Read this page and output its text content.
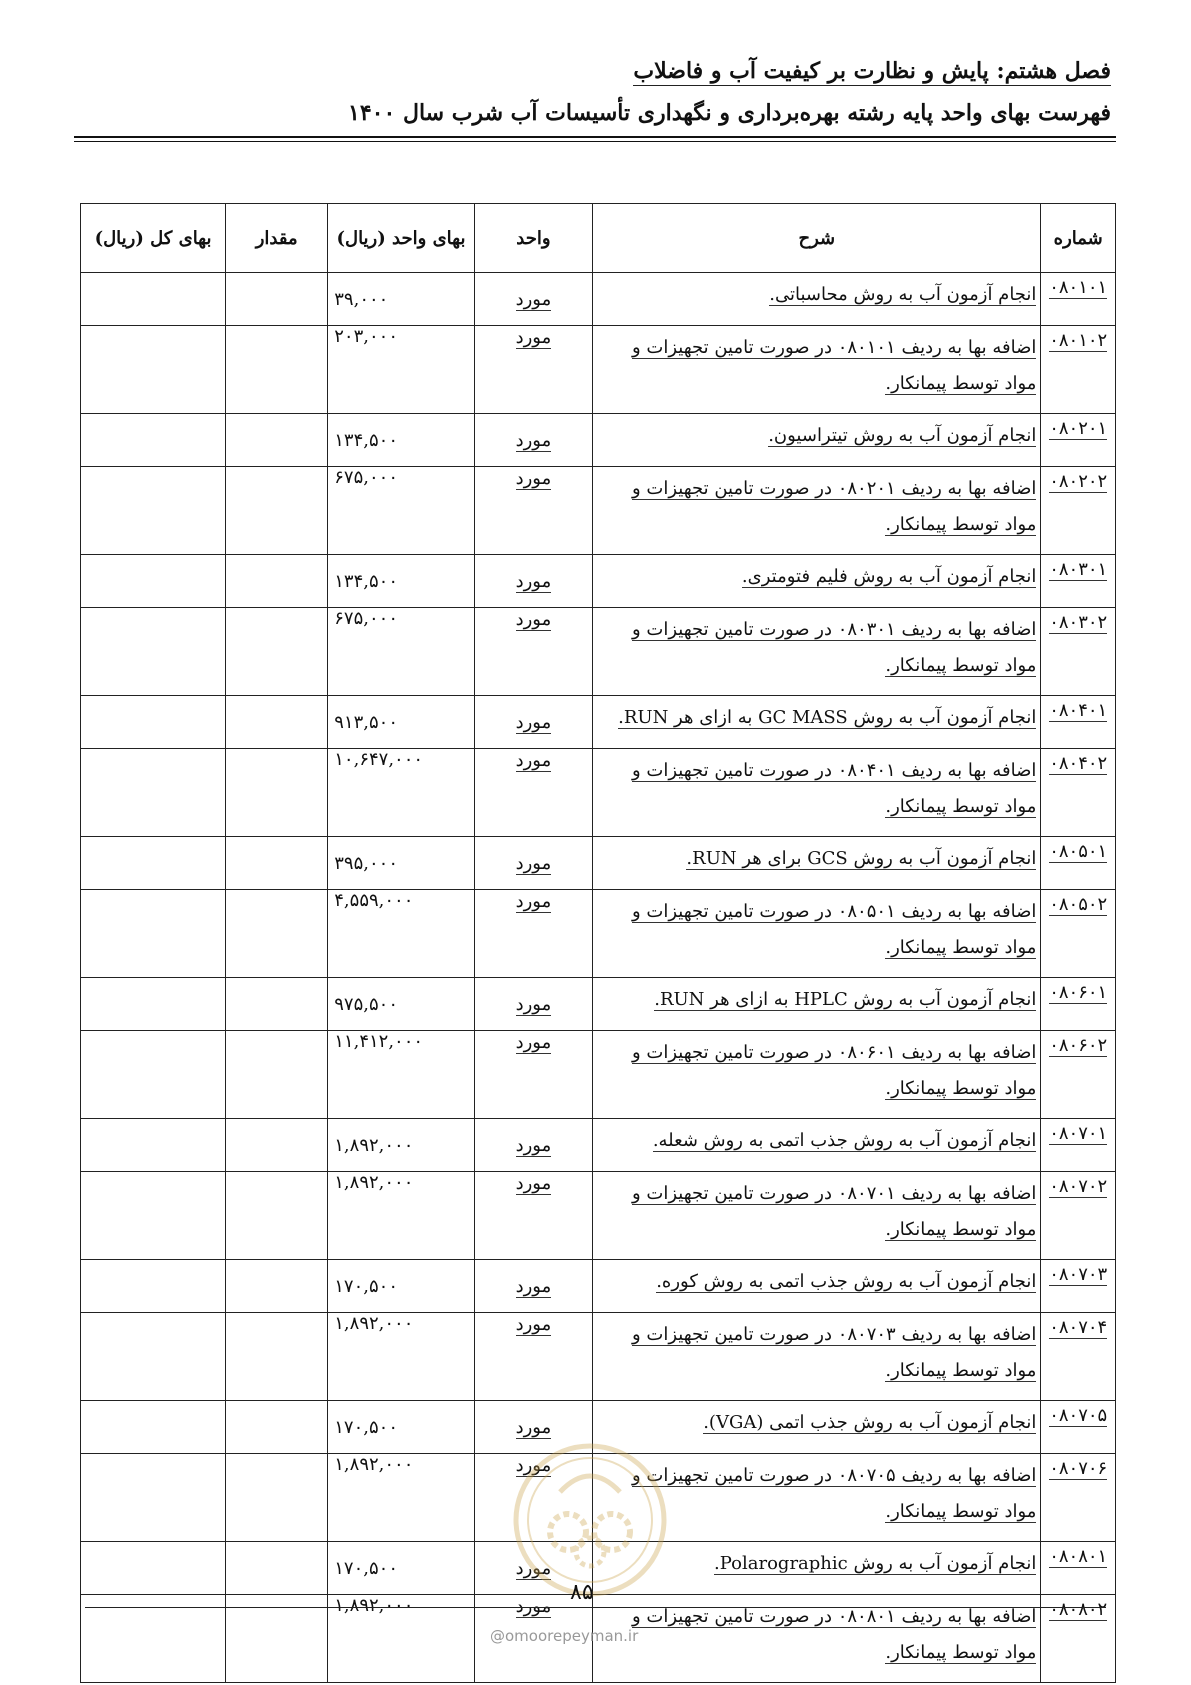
فصل هشتم: پایش و نظارت بر کیفیت آب و فاضلاب
فهرست بهای واحد پایه رشته بهره‌برداری و نگهداری تأسیسات آب شرب سال ۱۴۰۰
شماره	شرح	واحد	بهای واحد (ریال)	مقدار	بهای کل (ریال)
۰۸۰۱۰۱	انجام آزمون آب به روش محاسباتی.	مورد	۳۹,۰۰۰		
۰۸۰۱۰۲	اضافه بها به ردیف ۰۸۰۱۰۱ در صورت تامین تجهیزات و مواد توسط پیمانکار.	مورد	۲۰۳,۰۰۰		
۰۸۰۲۰۱	انجام آزمون آب به روش تیتراسیون.	مورد	۱۳۴,۵۰۰		
۰۸۰۲۰۲	اضافه بها به ردیف ۰۸۰۲۰۱ در صورت تامین تجهیزات و مواد توسط پیمانکار.	مورد	۶۷۵,۰۰۰		
۰۸۰۳۰۱	انجام آزمون آب به روش فلیم فتومتری.	مورد	۱۳۴,۵۰۰		
۰۸۰۳۰۲	اضافه بها به ردیف ۰۸۰۳۰۱ در صورت تامین تجهیزات و مواد توسط پیمانکار.	مورد	۶۷۵,۰۰۰		
۰۸۰۴۰۱	انجام آزمون آب به روش GC MASS به ازای هر RUN.	مورد	۹۱۳,۵۰۰		
۰۸۰۴۰۲	اضافه بها به ردیف ۰۸۰۴۰۱ در صورت تامین تجهیزات و مواد توسط پیمانکار.	مورد	۱۰,۶۴۷,۰۰۰		
۰۸۰۵۰۱	انجام آزمون آب به روش GCS برای هر RUN.	مورد	۳۹۵,۰۰۰		
۰۸۰۵۰۲	اضافه بها به ردیف ۰۸۰۵۰۱ در صورت تامین تجهیزات و مواد توسط پیمانکار.	مورد	۴,۵۵۹,۰۰۰		
۰۸۰۶۰۱	انجام آزمون آب به روش HPLC به ازای هر RUN.	مورد	۹۷۵,۵۰۰		
۰۸۰۶۰۲	اضافه بها به ردیف ۰۸۰۶۰۱ در صورت تامین تجهیزات و مواد توسط پیمانکار.	مورد	۱۱,۴۱۲,۰۰۰		
۰۸۰۷۰۱	انجام آزمون آب به روش جذب اتمی به روش شعله.	مورد	۱,۸۹۲,۰۰۰		
۰۸۰۷۰۲	اضافه بها به ردیف ۰۸۰۷۰۱ در صورت تامین تجهیزات و مواد توسط پیمانکار.	مورد	۱,۸۹۲,۰۰۰		
۰۸۰۷۰۳	انجام آزمون آب به روش جذب اتمی به روش کوره.	مورد	۱۷۰,۵۰۰		
۰۸۰۷۰۴	اضافه بها به ردیف ۰۸۰۷۰۳ در صورت تامین تجهیزات و مواد توسط پیمانکار.	مورد	۱,۸۹۲,۰۰۰		
۰۸۰۷۰۵	انجام آزمون آب به روش جذب اتمی (VGA).	مورد	۱۷۰,۵۰۰		
۰۸۰۷۰۶	اضافه بها به ردیف ۰۸۰۷۰۵ در صورت تامین تجهیزات و مواد توسط پیمانکار.	مورد	۱,۸۹۲,۰۰۰		
۰۸۰۸۰۱	انجام آزمون آب به روش Polarographic.	مورد	۱۷۰,۵۰۰		
۰۸۰۸۰۲	اضافه بها به ردیف ۰۸۰۸۰۱ در صورت تامین تجهیزات و مواد توسط پیمانکار.	مورد	۱,۸۹۲,۰۰۰		
۸۵
@omoorepeyman.ir
